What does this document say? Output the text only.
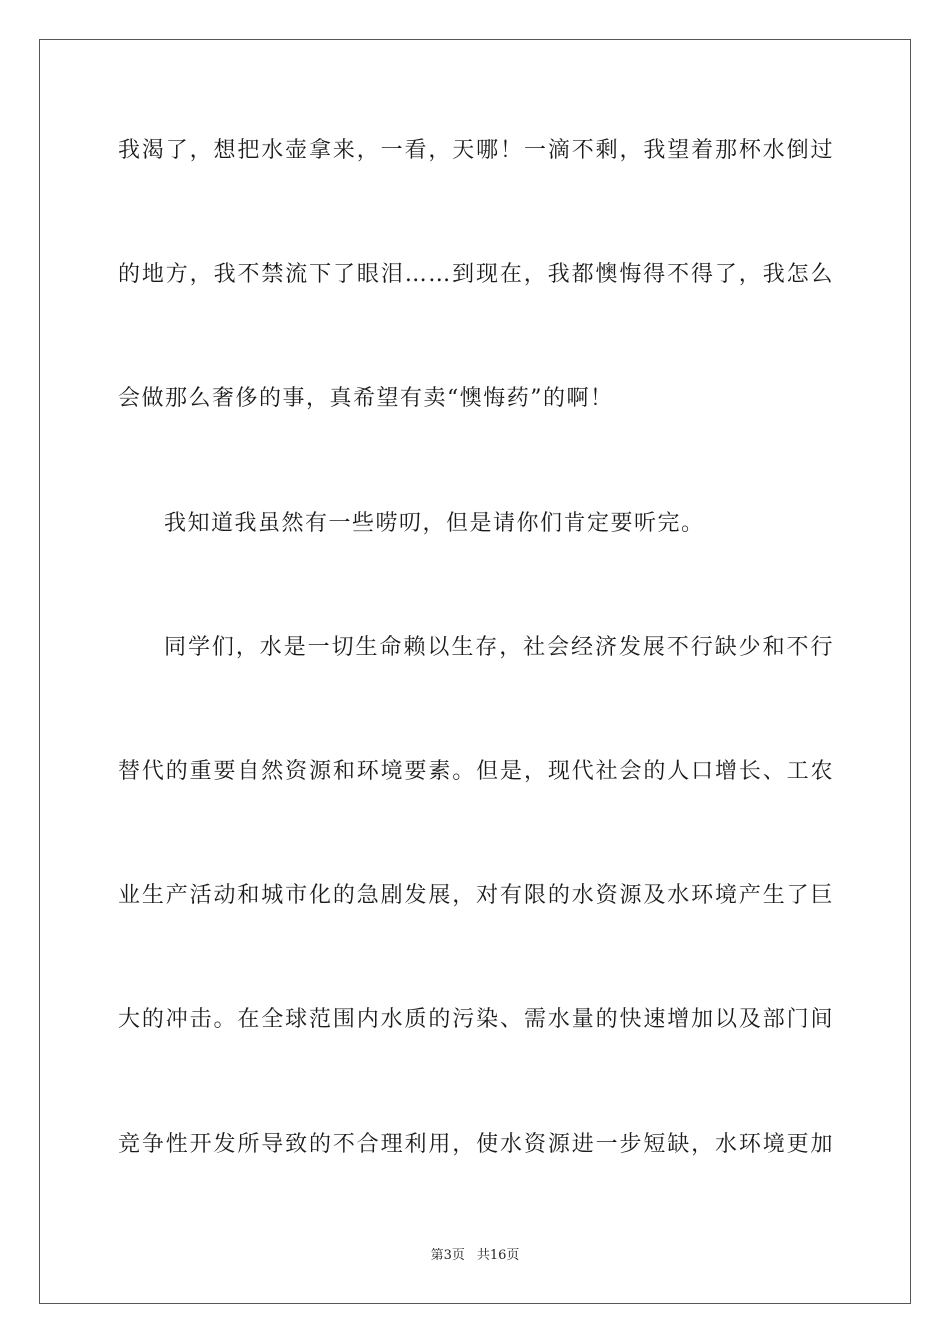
我渴了，想把水壶拿来，一看，天哪！一滴不剩，我望着那杯水倒过
的地方，我不禁流下了眼泪……到现在，我都懊悔得不得了，我怎么
会做那么奢侈的事，真希望有卖“懊悔药”的啊！
我知道我虽然有一些唠叨，但是请你们肯定要听完。
同学们，水是一切生命赖以生存，社会经济发展不行缺少和不行
替代的重要自然资源和环境要素。但是，现代社会的人口增长、工农
业生产活动和城市化的急剧发展，对有限的水资源及水环境产生了巨
大的冲击。在全球范围内水质的污染、需水量的快速增加以及部门间
竞争性开发所导致的不合理利用，使水资源进一步短缺，水环境更加
第3页 共16页
